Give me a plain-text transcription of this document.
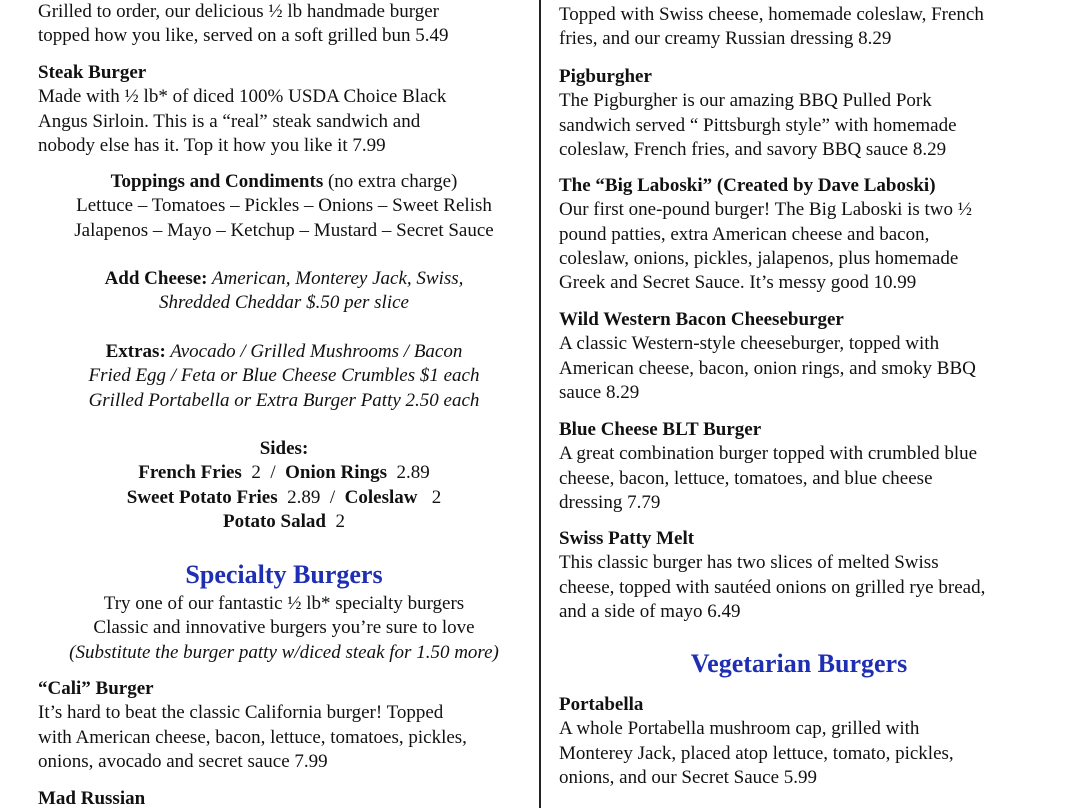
Grilled to order, our delicious ½ lb handmade burger
topped how you like, served on a soft grilled bun 5.49
Steak Burger
Made with ½ lb* of diced 100% USDA Choice Black
Angus Sirloin. This is a “real” steak sandwich and
nobody else has it. Top it how you like it 7.99
Toppings and Condiments (no extra charge)
Lettuce – Tomatoes – Pickles – Onions – Sweet Relish
Jalapenos – Mayo – Ketchup – Mustard – Secret Sauce
Add Cheese: American, Monterey Jack, Swiss,
Shredded Cheddar $.50 per slice
Extras: Avocado / Grilled Mushrooms / Bacon
Fried Egg / Feta or Blue Cheese Crumbles $1 each
Grilled Portabella or Extra Burger Patty 2.50 each
Sides:
French Fries  2  /  Onion Rings  2.89
Sweet Potato Fries  2.89  /  Coleslaw   2
Potato Salad  2
Specialty Burgers
Try one of our fantastic ½ lb* specialty burgers
Classic and innovative burgers you’re sure to love
(Substitute the burger patty w/diced steak for 1.50 more)
“Cali” Burger
It’s hard to beat the classic California burger! Topped
with American cheese, bacon, lettuce, tomatoes, pickles,
onions, avocado and secret sauce 7.99
Mad Russian
Topped with Swiss cheese, homemade coleslaw, French
fries, and our creamy Russian dressing 8.29
Pigburgher
The Pigburgher is our amazing BBQ Pulled Pork
sandwich served “ Pittsburgh style” with homemade
coleslaw, French fries, and savory BBQ sauce 8.29
The “Big Laboski” (Created by Dave Laboski)
Our first one-pound burger! The Big Laboski is two ½
pound patties, extra American cheese and bacon,
coleslaw, onions, pickles, jalapenos, plus homemade
Greek and Secret Sauce. It’s messy good 10.99
Wild Western Bacon Cheeseburger
A classic Western-style cheeseburger, topped with
American cheese, bacon, onion rings, and smoky BBQ
sauce 8.29
Blue Cheese BLT Burger
A great combination burger topped with crumbled blue
cheese, bacon, lettuce, tomatoes, and blue cheese
dressing 7.79
Swiss Patty Melt
This classic burger has two slices of melted Swiss
cheese, topped with sautéed onions on grilled rye bread,
and a side of mayo 6.49
Vegetarian Burgers
Portabella
A whole Portabella mushroom cap, grilled with
Monterey Jack, placed atop lettuce, tomato, pickles,
onions, and our Secret Sauce 5.99
